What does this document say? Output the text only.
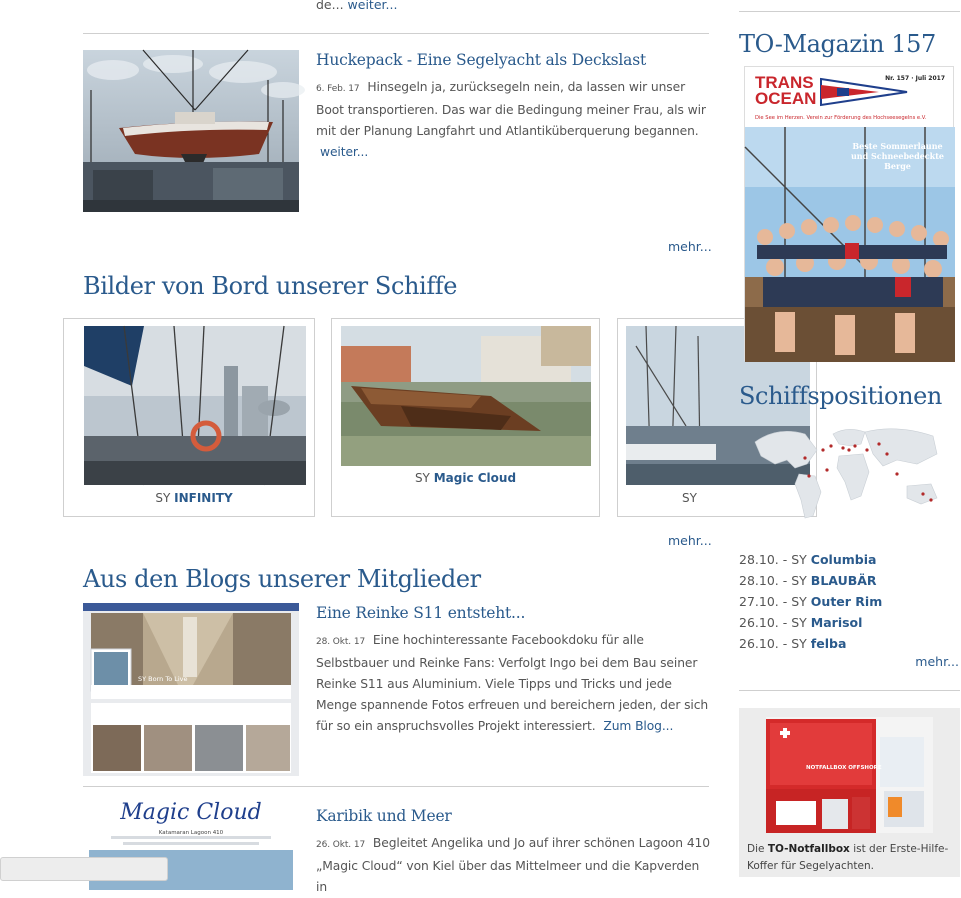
de... weiter...
Huckepack - Eine Segelyacht als Deckslast

6. Feb. 17 Hinsegeln ja, zurücksegeln nein, da lassen wir unser Boot transportieren. Das war die Bedingung meiner Frau, als wir mit der Planung Langfahrt und Atlantiküberquerung begannen. weiter...

mehr...
Bilder von Bord unserer Schiffe
SY INFINITY
SY Magic Cloud
SY
mehr...
Aus den Blogs unserer Mitglieder
SY Born To Live
Eine Reinke S11 entsteht...

28. Okt. 17 Eine hochinteressante Facebookdoku für alle Selbstbauer und Reinke Fans: Verfolgt Ingo bei dem Bau seiner Reinke S11 aus Aluminium. Viele Tipps und Tricks und jede Menge spannende Fotos erfreuen und bereichern jeden, der sich für so ein anspruchsvolles Projekt interessiert. Zum Blog...

Magic Cloud
Katamaran Lagoon 410
Karibik und Meer

26. Okt. 17 Begleitet Angelika und Jo auf ihrer schönen Lagoon 410 „Magic Cloud“ von Kiel über das Mittelmeer und die Kapverden in

TO-Magazin 157
TRANS
OCEAN
Nr. 157 · Juli 2017
Die See im Herzen. Verein zur Förderung des Hochseesegelns e.V.
Beste Sommerlaune und Schneebedeckte Berge
Schiffspositionen
28.10. - SY Columbia
28.10. - SY BLAUBÄR
27.10. - SY Outer Rim
26.10. - SY Marisol
26.10. - SY felba
mehr...
NOTFALLBOX OFFSHORE
Die TO-Notfallbox ist der Erste-Hilfe-Koffer für Segelyachten.
